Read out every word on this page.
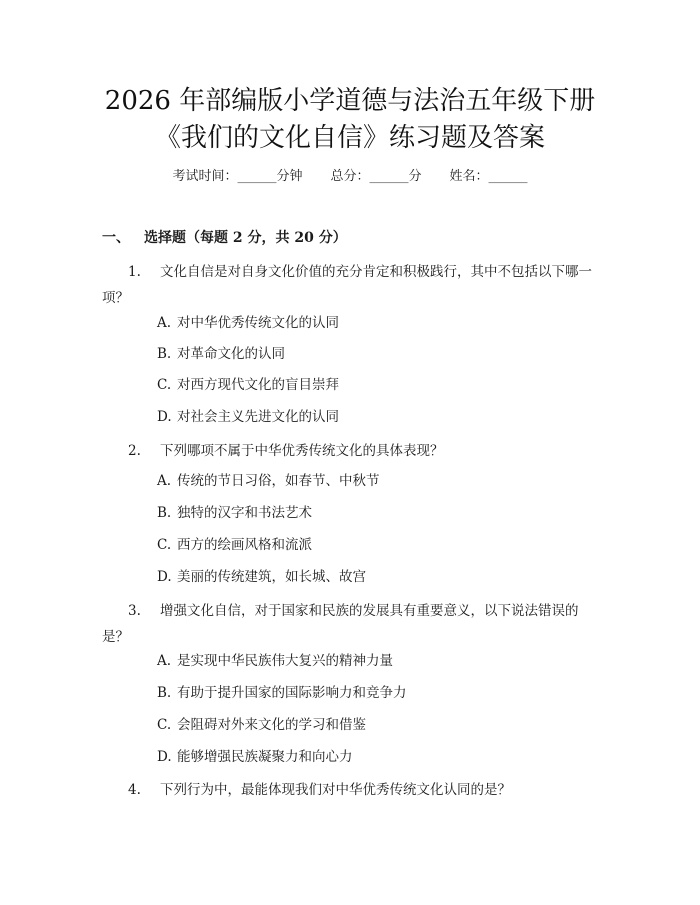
2026 年部编版小学道德与法治五年级下册
《我们的文化自信》练习题及答案
考试时间：______分钟 总分：______分 姓名：______
一、 选择题（每题 2 分，共 20 分）
1. 文化自信是对自身文化价值的充分肯定和积极践行，其中不包括以下哪一项？
A. 对中华优秀传统文化的认同
B. 对革命文化的认同
C. 对西方现代文化的盲目崇拜
D. 对社会主义先进文化的认同
2. 下列哪项不属于中华优秀传统文化的具体表现？
A. 传统的节日习俗，如春节、中秋节
B. 独特的汉字和书法艺术
C. 西方的绘画风格和流派
D. 美丽的传统建筑，如长城、故宫
3. 增强文化自信，对于国家和民族的发展具有重要意义，以下说法错误的是？
A. 是实现中华民族伟大复兴的精神力量
B. 有助于提升国家的国际影响力和竞争力
C. 会阻碍对外来文化的学习和借鉴
D. 能够增强民族凝聚力和向心力
4. 下列行为中，最能体现我们对中华优秀传统文化认同的是？
